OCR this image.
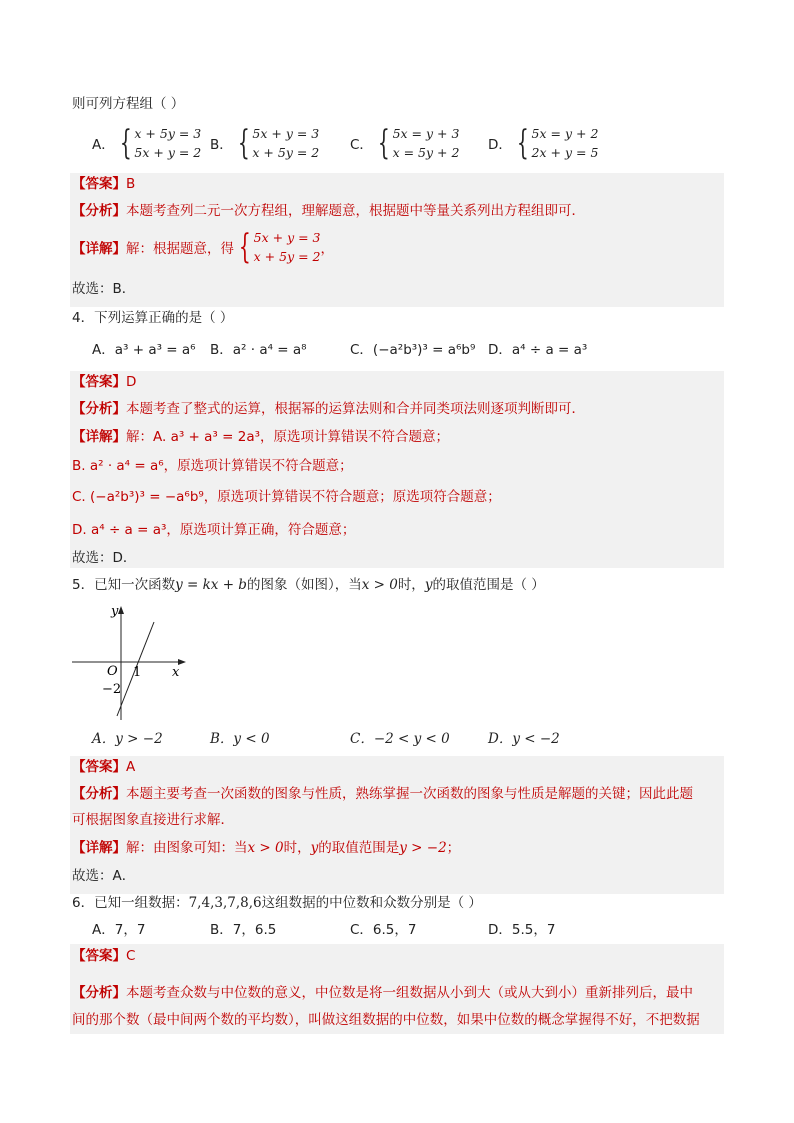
则可列方程组（ ）
A． { x + 5y = 3
5x + y = 2 B． { 5x + y = 3
x + 5y = 2 C． { 5x = y + 3
x = 5y + 2 D． { 5x = y + 2
2x + y = 5
【答案】B
【分析】本题考查列二元一次方程组，理解题意，根据题中等量关系列出方程组即可．
【详解】 解：根据题意，得 { 5x + y = 3
x + 5y = 2 ，
故选：B．
4．下列运算正确的是（ ）
A．a³ + a³ = a⁶ B．a² · a⁴ = a⁸	C．(−a²b³)³ = a⁶b⁹ D．a⁴ ÷ a = a³
【答案】D
【分析】本题考查了整式的运算，根据幂的运算法则和合并同类项法则逐项判断即可．
【详解】解：A. a³ + a³ = 2a³，原选项计算错误不符合题意；
B. a² · a⁴ = a⁶，原选项计算错误不符合题意；
C. (−a²b³)³ = −a⁶b⁹，原选项计算错误不符合题意；原选项符合题意；
D. a⁴ ÷ a = a³，原选项计算正确，符合题意；
故选：D．
5．已知一次函数y = kx + b的图象（如图），当x > 0时，y的取值范围是（ ）
y
x
O 1
−2
A．y > −2	B．y < 0	C．−2 < y < 0	D．y < −2
【答案】A
【分析】本题主要考查一次函数的图象与性质，熟练掌握一次函数的图象与性质是解题的关键；因此此题
可根据图象直接进行求解．
【详解】解：由图象可知：当x > 0时，y的取值范围是y > −2；
故选：A．
6．已知一组数据：7,4,3,7,8,6这组数据的中位数和众数分别是（ ）
A．7，7	B．7，6.5	C．6.5，7	D．5.5，7
【答案】C
【分析】本题考查众数与中位数的意义，中位数是将一组数据从小到大（或从大到小）重新排列后，最中
间的那个数（最中间两个数的平均数），叫做这组数据的中位数，如果中位数的概念掌握得不好，不把数据
